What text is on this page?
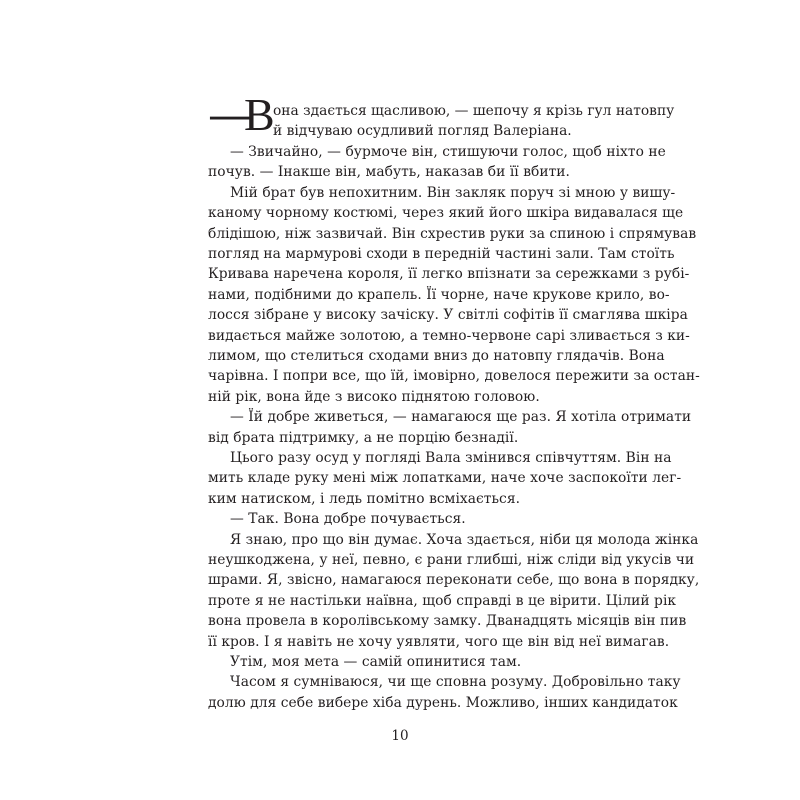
—
В
она здається щасливою, — шепочу я крізь гул натовпу
й відчуваю осудливий погляд Валеріана.
— Звичайно, — бурмоче він, стишуючи голос, щоб ніхто не
почув. — Інакше він, мабуть, наказав би її вбити.
Мій брат був непохитним. Він закляк поруч зі мною у вишу-
каному чорному костюмі, через який його шкіра видавалася ще
блідішою, ніж зазвичай. Він схрестив руки за спиною і спрямував
погляд на мармурові сходи в передній частині зали. Там стоїть
Кривава наречена короля, її легко впізнати за сережками з рубі-
нами, подібними до крапель. Її чорне, наче крукове крило, во-
лосся зібране у високу зачіску. У світлі софітів її смаглява шкіра
видається майже золотою, а темно-червоне сарі зливається з ки-
лимом, що стелиться сходами вниз до натовпу глядачів. Вона
чарівна. І попри все, що їй, імовірно, довелося пережити за остан-
ній рік, вона йде з високо піднятою головою.
— Їй добре живеться, — намагаюся ще раз. Я хотіла отримати
від брата підтримку, а не порцію безнадії.
Цього разу осуд у погляді Вала змінився співчуттям. Він на
мить кладе руку мені між лопатками, наче хоче заспокоїти лег-
ким натиском, і ледь помітно всміхається.
— Так. Вона добре почувається.
Я знаю, про що він думає. Хоча здається, ніби ця молода жінка
неушкоджена, у неї, певно, є рани глибші, ніж сліди від укусів чи
шрами. Я, звісно, намагаюся переконати себе, що вона в порядку,
проте я не настільки наївна, щоб справді в це вірити. Цілий рік
вона провела в королівському замку. Дванадцять місяців він пив
її кров. І я навіть не хочу уявляти, чого ще він від неї вимагав.
Утім, моя мета — самій опинитися там.
Часом я сумніваюся, чи ще сповна розуму. Добровільно таку
долю для себе вибере хіба дурень. Можливо, інших кандидаток
10
